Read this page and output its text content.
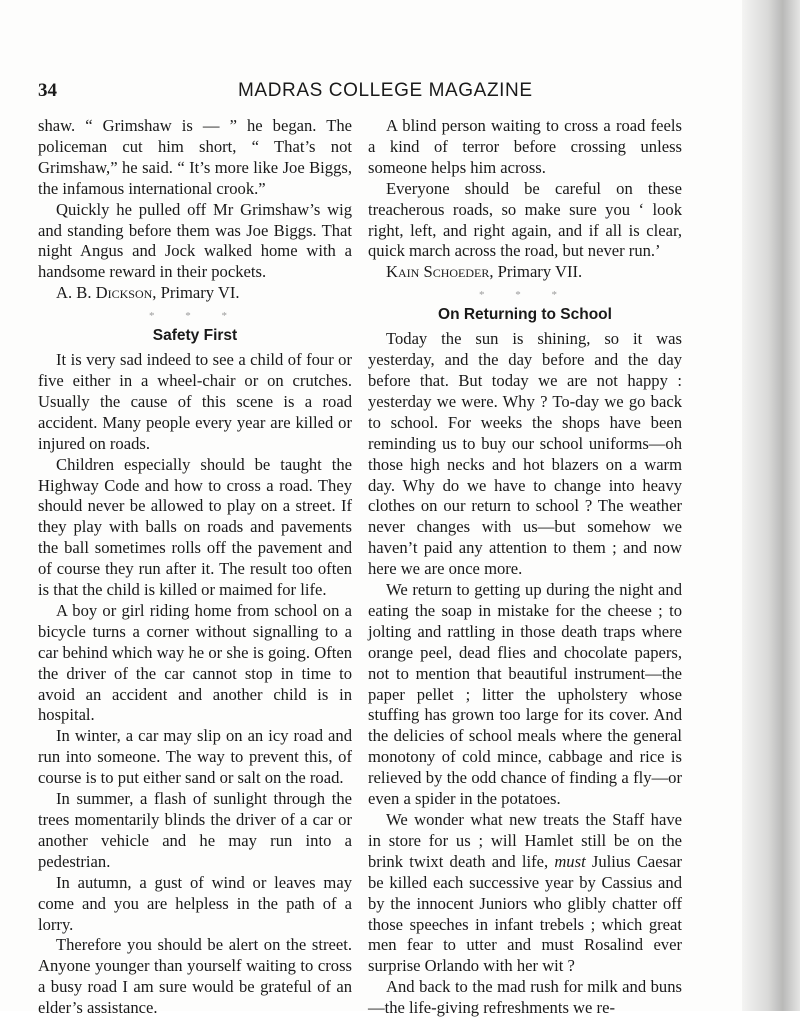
34	MADRAS COLLEGE MAGAZINE

shaw. “ Grimshaw is — ” he began. The policeman cut him short, “ That’s not Grimshaw,” he said. “ It’s more like Joe Biggs, the infamous international crook.”

Quickly he pulled off Mr Grimshaw’s wig and standing before them was Joe Biggs. That night Angus and Jock walked home with a handsome reward in their pockets.

A. B. Dickson, Primary VI.

* * *
Safety First

It is very sad indeed to see a child of four or five either in a wheel-chair or on crutches. Usually the cause of this scene is a road accident. Many people every year are killed or injured on roads.

Children especially should be taught the Highway Code and how to cross a road. They should never be allowed to play on a street. If they play with balls on roads and pavements the ball sometimes rolls off the pavement and of course they run after it. The result too often is that the child is killed or maimed for life.

A boy or girl riding home from school on a bicycle turns a corner without signalling to a car behind which way he or she is going. Often the driver of the car cannot stop in time to avoid an accident and another child is in hospital.

In winter, a car may slip on an icy road and run into someone. The way to prevent this, of course is to put either sand or salt on the road.

In summer, a flash of sunlight through the trees momentarily blinds the driver of a car or another vehicle and he may run into a pedestrian.

In autumn, a gust of wind or leaves may come and you are helpless in the path of a lorry.

Therefore you should be alert on the street. Anyone younger than yourself waiting to cross a busy road I am sure would be grateful of an elder’s assistance.

A blind person waiting to cross a road feels a kind of terror before crossing unless someone helps him across.

Everyone should be careful on these treacherous roads, so make sure you ‘ look right, left, and right again, and if all is clear, quick march across the road, but never run.’

Kain Schoeder, Primary VII.

* * *
On Returning to School

Today the sun is shining, so it was yesterday, and the day before and the day before that. But today we are not happy : yesterday we were. Why ? To-day we go back to school. For weeks the shops have been reminding us to buy our school uniforms—oh those high necks and hot blazers on a warm day. Why do we have to change into heavy clothes on our return to school ? The weather never changes with us—but somehow we haven’t paid any attention to them ; and now here we are once more.

We return to getting up during the night and eating the soap in mistake for the cheese ; to jolting and rattling in those death traps where orange peel, dead flies and chocolate papers, not to mention that beautiful instrument—the paper pellet ; litter the upholstery whose stuffing has grown too large for its cover. And the delicies of school meals where the general monotony of cold mince, cabbage and rice is relieved by the odd chance of finding a fly—or even a spider in the potatoes.

We wonder what new treats the Staff have in store for us ; will Hamlet still be on the brink twixt death and life, must Julius Caesar be killed each successive year by Cassius and by the innocent Juniors who glibly chatter off those speeches in infant trebels ; which great men fear to utter and must Rosalind ever surprise Orlando with her wit ?

And back to the mad rush for milk and buns—the life-giving refreshments we re-
